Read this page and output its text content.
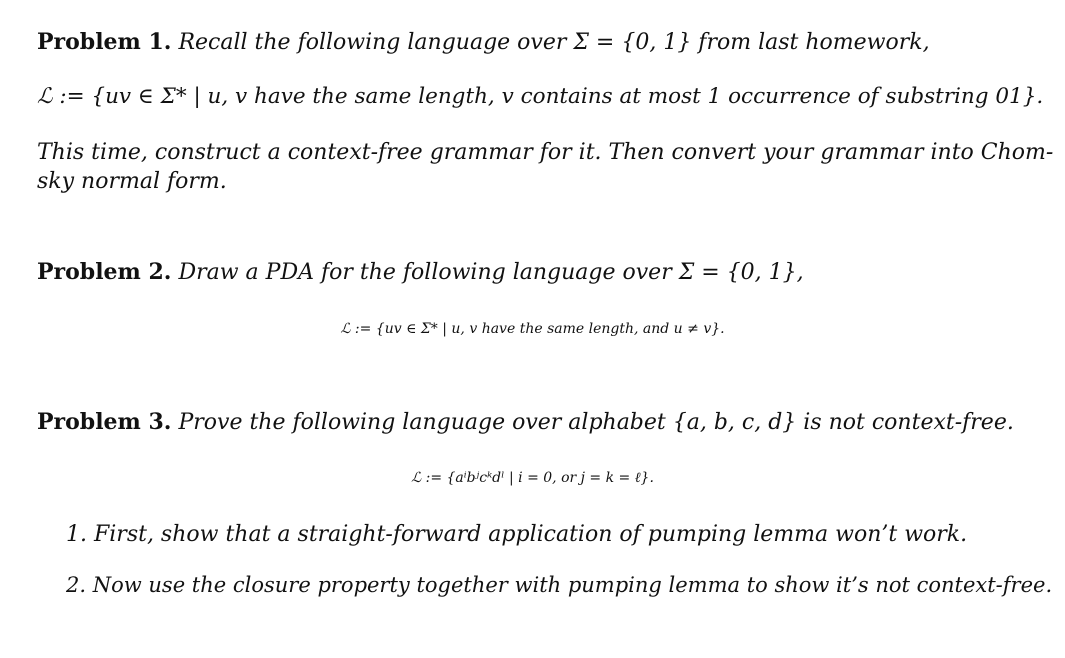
Problem 1. Recall the following language over Σ = {0, 1} from last homework,
ℒ := {uv ∈ Σ* | u, v have the same length, v contains at most 1 occurrence of substring 01}.
This time, construct a context-free grammar for it. Then convert your grammar into Chom-
sky normal form.
Problem 2. Draw a PDA for the following language over Σ = {0, 1},
ℒ := {uv ∈ Σ* | u, v have the same length, and u ≠ v}.
Problem 3. Prove the following language over alphabet {a, b, c, d} is not context-free.
ℒ := {aⁱbʲcᵏdˡ | i = 0, or j = k = ℓ}.
1. First, show that a straight-forward application of pumping lemma won’t work.
2. Now use the closure property together with pumping lemma to show it’s not context-free.
